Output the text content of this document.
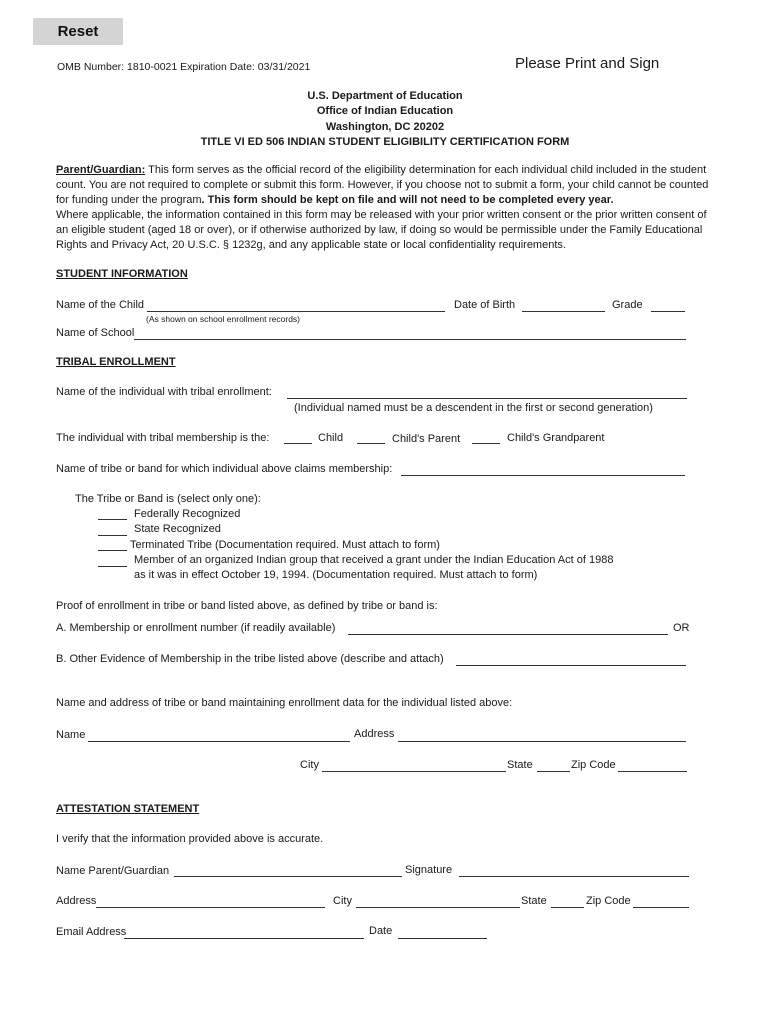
Reset
OMB Number: 1810-0021 Expiration Date: 03/31/2021	Please Print and Sign
U.S. Department of Education
Office of Indian Education
Washington, DC 20202
TITLE VI ED 506 INDIAN STUDENT ELIGIBILITY CERTIFICATION FORM

Parent/Guardian: This form serves as the official record of the eligibility determination for each individual child included in the student count. You are not required to complete or submit this form. However, if you choose not to submit a form, your child cannot be counted for funding under the program. This form should be kept on file and will not need to be completed every year.

Where applicable, the information contained in this form may be released with your prior written consent or the prior written consent of an eligible student (aged 18 or over), or if otherwise authorized by law, if doing so would be permissible under the Family Educational Rights and Privacy Act, 20 U.S.C. § 1232g, and any applicable state or local confidentiality requirements.

STUDENT INFORMATION
Name of the Child
(As shown on school enrollment records)
Date of Birth	Grade
Name of School
TRIBAL ENROLLMENT
Name of the individual with tribal enrollment:
(Individual named must be a descendent in the first or second generation)
The individual with tribal membership is the:	Child	Child's Parent	Child's Grandparent
Name of tribe or band for which individual above claims membership:
The Tribe or Band is (select only one):
Federally Recognized
State Recognized
Terminated Tribe (Documentation required. Must attach to form)
Member of an organized Indian group that received a grant under the Indian Education Act of 1988
as it was in effect October 19, 1994. (Documentation required. Must attach to form)
Proof of enrollment in tribe or band listed above, as defined by tribe or band is:
A. Membership or enrollment number (if readily available)	OR
B. Other Evidence of Membership in the tribe listed above (describe and attach)
Name and address of tribe or band maintaining enrollment data for the individual listed above:
Name	Address
City	State	Zip Code
ATTESTATION STATEMENT
I verify that the information provided above is accurate.
Name Parent/Guardian	Signature
Address	City	State	Zip Code
Email Address	Date
